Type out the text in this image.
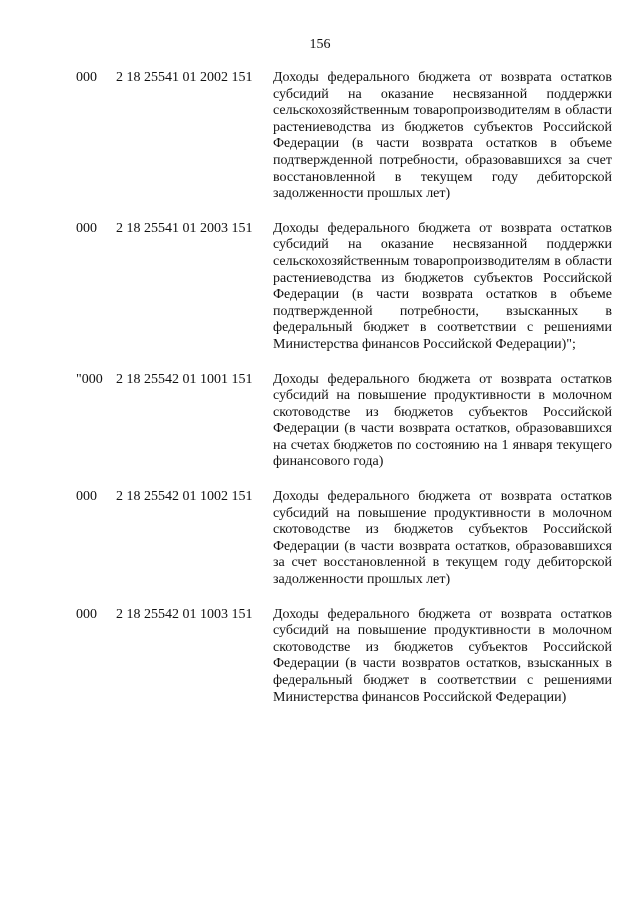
156
000 2 18 25541 01 2002 151 Доходы федерального бюджета от возврата остатков субсидий на оказание несвязанной поддержки сельскохозяйственным товаропроизводителям в области растениеводства из бюджетов субъектов Российской Федерации (в части возврата остатков в объеме подтвержденной потребности, образовавшихся за счет восстановленной в текущем году дебиторской задолженности прошлых лет)
000 2 18 25541 01 2003 151 Доходы федерального бюджета от возврата остатков субсидий на оказание несвязанной поддержки сельскохозяйственным товаропроизводителям в области растениеводства из бюджетов субъектов Российской Федерации (в части возврата остатков в объеме подтвержденной потребности, взысканных в федеральный бюджет в соответствии с решениями Министерства финансов Российской Федерации)";
"000 2 18 25542 01 1001 151 Доходы федерального бюджета от возврата остатков субсидий на повышение продуктивности в молочном скотоводстве из бюджетов субъектов Российской Федерации (в части возврата остатков, образовавшихся на счетах бюджетов по состоянию на 1 января текущего финансового года)
000 2 18 25542 01 1002 151 Доходы федерального бюджета от возврата остатков субсидий на повышение продуктивности в молочном скотоводстве из бюджетов субъектов Российской Федерации (в части возврата остатков, образовавшихся за счет восстановленной в текущем году дебиторской задолженности прошлых лет)
000 2 18 25542 01 1003 151 Доходы федерального бюджета от возврата остатков субсидий на повышение продуктивности в молочном скотоводстве из бюджетов субъектов Российской Федерации (в части возвратов остатков, взысканных в федеральный бюджет в соответствии с решениями Министерства финансов Российской Федерации)
